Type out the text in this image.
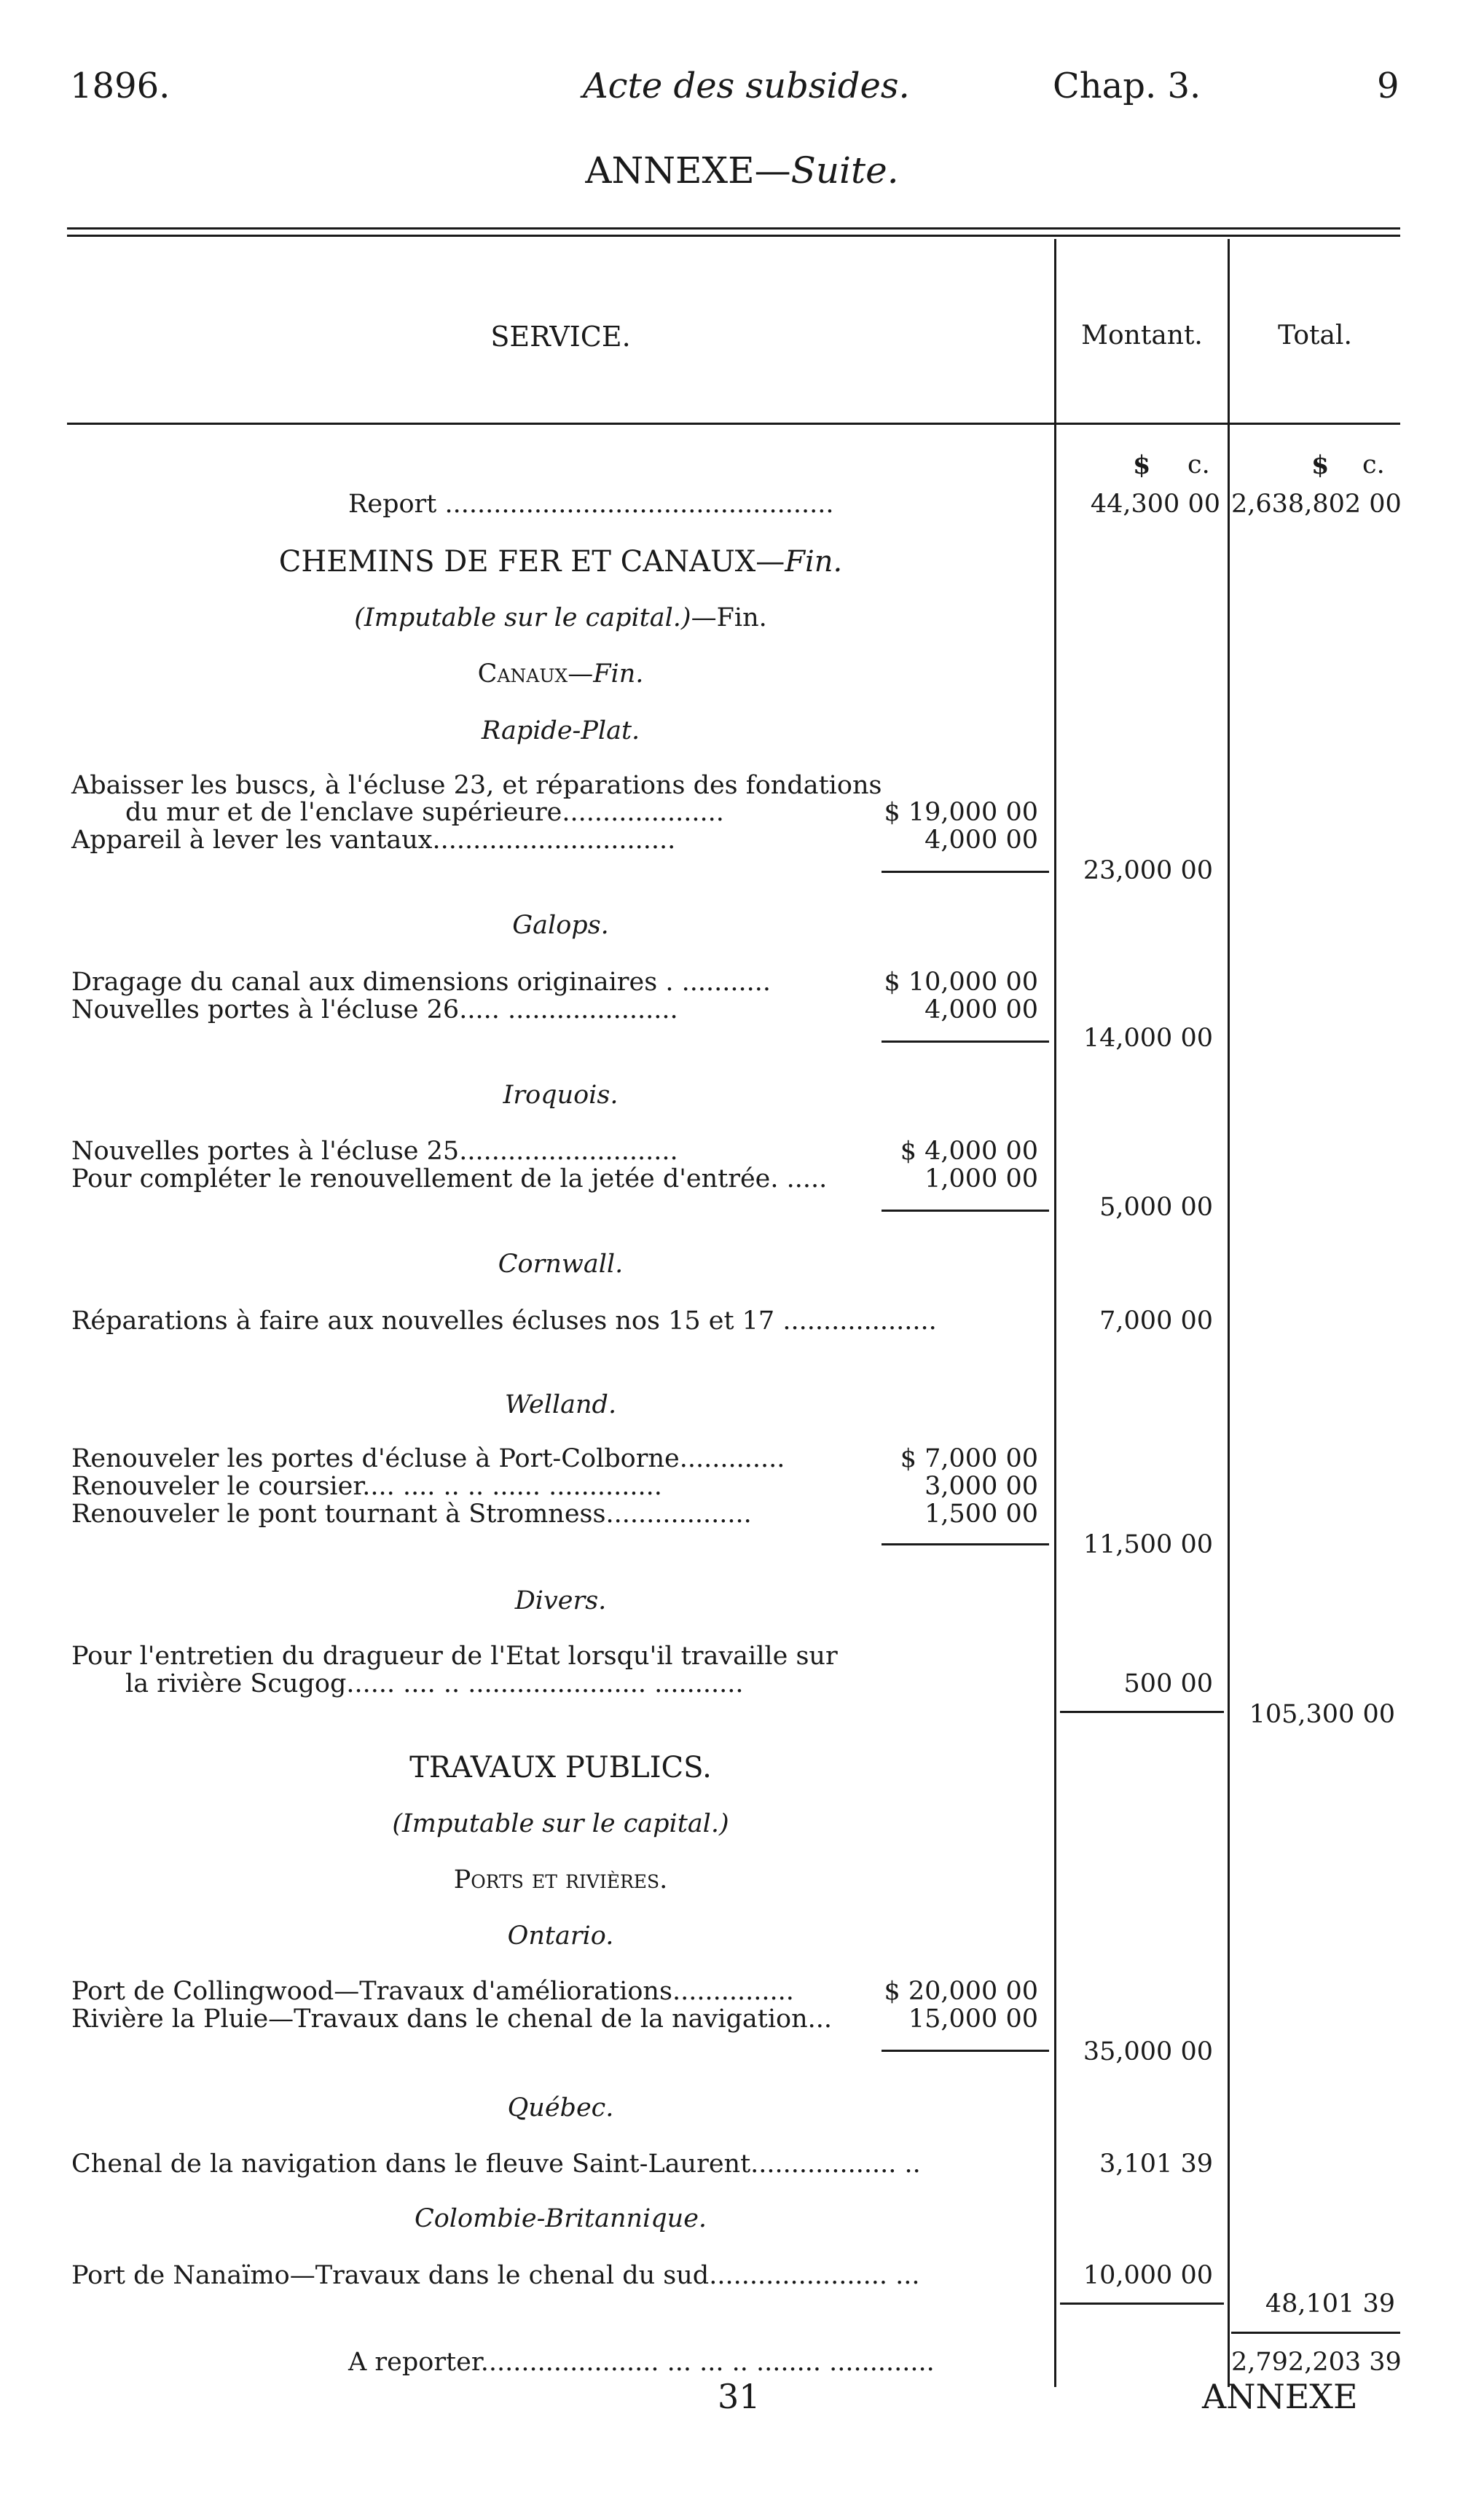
1896.	Acte des subsides.	Chap. 3.	9
ANNEXE—Suite.
SERVICE.	Montant.	Total.
$ c.	$ c.
Report ................................................	44,300 00 2,638,802 00
CHEMINS DE FER ET CANAUX—Fin.
(Imputable sur le capital.)—Fin.
Canaux—Fin.
Rapide-Plat.
Abaisser les buscs, à l'écluse 23, et réparations des fondations
du mur et de l'enclave supérieure....................	$ 19,000 00
Appareil à lever les vantaux..............................	4,000 00
23,000 00
Galops.
Dragage du canal aux dimensions originaires . ...........	$ 10,000 00
Nouvelles portes à l'écluse 26..... .....................	4,000 00
14,000 00
Iroquois.
Nouvelles portes à l'écluse 25...........................	$ 4,000 00
Pour compléter le renouvellement de la jetée d'entrée. .....	1,000 00
5,000 00
Cornwall.
Réparations à faire aux nouvelles écluses nos 15 et 17 ...................	7,000 00
Welland.
Renouveler les portes d'écluse à Port-Colborne.............	$ 7,000 00
Renouveler le coursier.... .... .. .. ...... ..............	3,000 00
Renouveler le pont tournant à Stromness..................	1,500 00
11,500 00
Divers.
Pour l'entretien du dragueur de l'Etat lorsqu'il travaille sur
la rivière Scugog...... .... .. ...................... ...........	500 00
105,300 00
TRAVAUX PUBLICS.
(Imputable sur le capital.)
Ports et rivières.
Ontario.
Port de Collingwood—Travaux d'améliorations...............	$ 20,000 00
Rivière la Pluie—Travaux dans le chenal de la navigation...	15,000 00
35,000 00
Québec.
Chenal de la navigation dans le fleuve Saint-Laurent.................. ..	3,101 39
Colombie-Britannique.
Port de Nanaïmo—Travaux dans le chenal du sud...................... ...	10,000 00
48,101 39
A reporter...................... ... ... .. ........ .............	2,792,203 39
31	ANNEXE
